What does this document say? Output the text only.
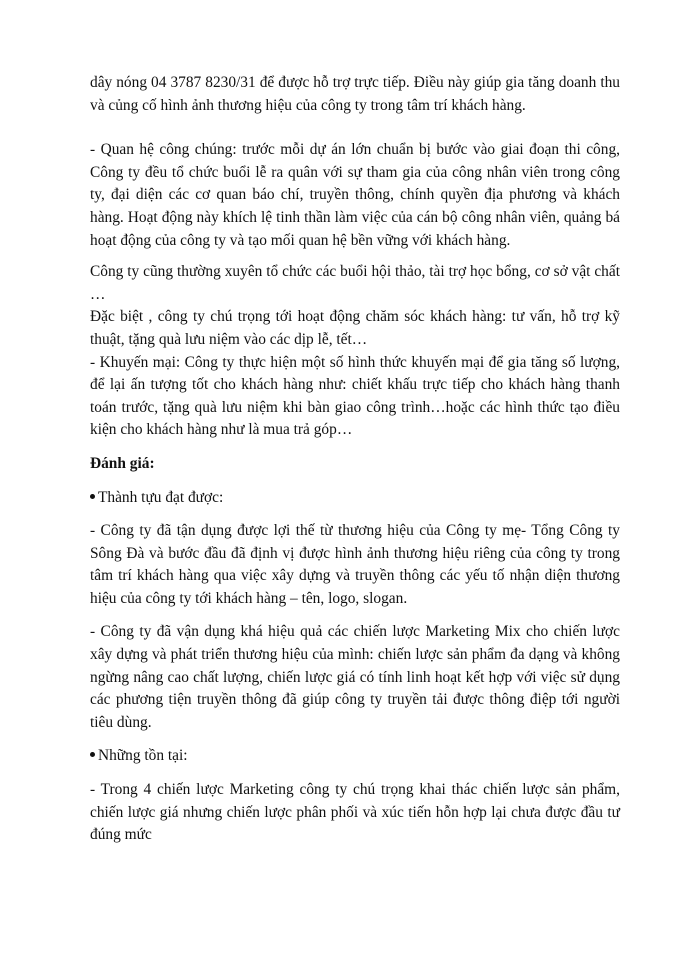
dây nóng 04 3787 8230/31 để được hỗ trợ trực tiếp. Điều này giúp gia tăng doanh thu và củng cố hình ảnh thương hiệu của công ty trong tâm trí khách hàng.

- Quan hệ công chúng: trước mỗi dự án lớn chuẩn bị bước vào giai đoạn thi công, Công ty đều tổ chức buổi lễ ra quân với sự tham gia của công nhân viên trong công ty, đại diện các cơ quan báo chí, truyền thông, chính quyền địa phương và khách hàng. Hoạt động này khích lệ tinh thần làm việc của cán bộ công nhân viên, quảng bá hoạt động của công ty và tạo mối quan hệ bền vững với khách hàng.

Công ty cũng thường xuyên tổ chức các buổi hội thảo, tài trợ học bổng, cơ sở vật chất …

Đặc biệt , công ty chú trọng tới hoạt động chăm sóc khách hàng: tư vấn, hỗ trợ kỹ thuật, tặng quà lưu niệm vào các dịp lễ, tết…

- Khuyến mại: Công ty thực hiện một số hình thức khuyến mại để gia tăng số lượng, để lại ấn tượng tốt cho khách hàng như: chiết khấu trực tiếp cho khách hàng thanh toán trước, tặng quà lưu niệm khi bàn giao công trình…hoặc các hình thức tạo điều kiện cho khách hàng như là mua trả góp…

Đánh giá:

Thành tựu đạt được:

- Công ty đã tận dụng được lợi thế từ thương hiệu của Công ty mẹ- Tổng Công ty Sông Đà và bước đầu đã định vị được hình ảnh thương hiệu riêng của công ty trong tâm trí khách hàng qua việc xây dựng và truyền thông các yếu tố nhận diện thương hiệu của công ty tới khách hàng – tên, logo, slogan.

- Công ty đã vận dụng khá hiệu quả các chiến lược Marketing Mix cho chiến lược xây dựng và phát triển thương hiệu của mình: chiến lược sản phẩm đa dạng và không ngừng nâng cao chất lượng, chiến lược giá có tính linh hoạt kết hợp với việc sử dụng các phương tiện truyền thông đã giúp công ty truyền tải được thông điệp tới người tiêu dùng.

Những tồn tại:

- Trong 4 chiến lược Marketing công ty chú trọng khai thác chiến lược sản phẩm, chiến lược giá nhưng chiến lược phân phối và xúc tiến hỗn hợp lại chưa được đầu tư đúng mức
